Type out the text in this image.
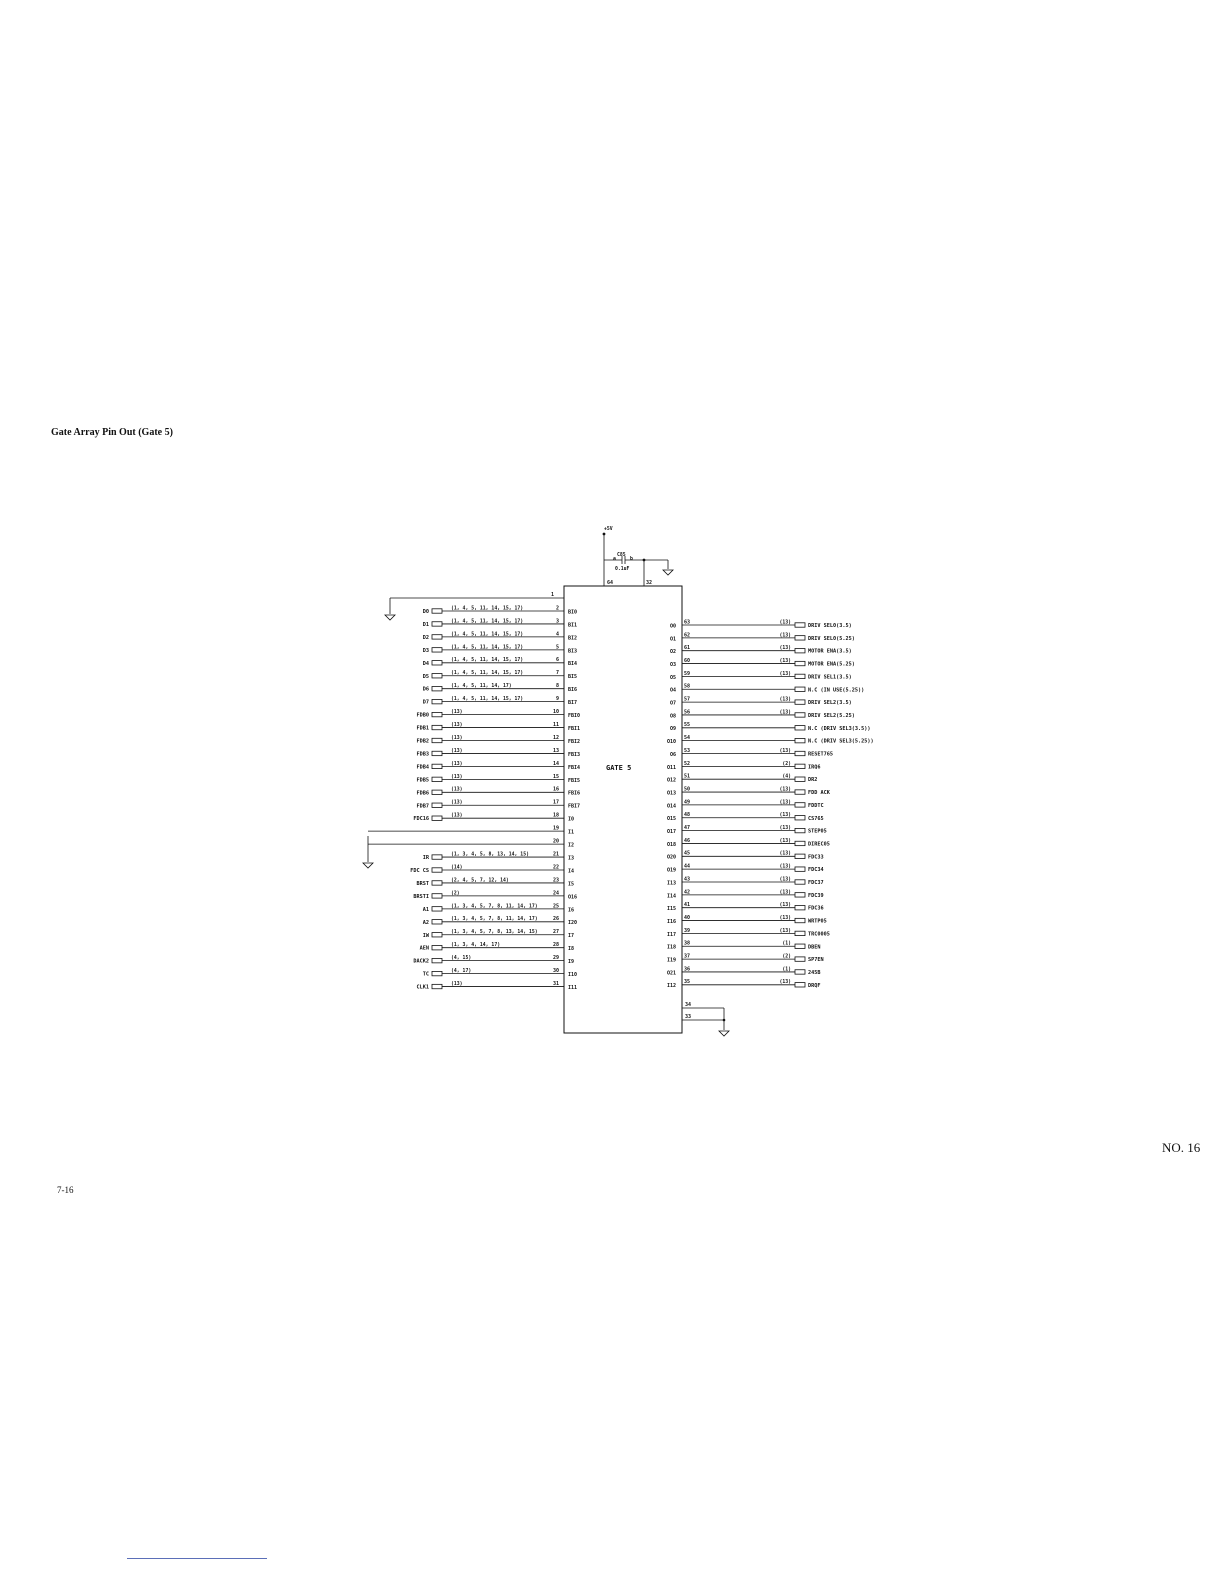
Gate Array Pin Out (Gate 5)
GATE 5
+5V
C85
0.1uF
a	b
64	32
1
34
33
D0
(1, 4, 5, 11, 14, 15, 17)	2
BI0
D1
(1, 4, 5, 11, 14, 15, 17)	3
BI1
D2
(1, 4, 5, 11, 14, 15, 17)	4
BI2
D3
(1, 4, 5, 11, 14, 15, 17)	5
BI3
D4
(1, 4, 5, 11, 14, 15, 17)	6
BI4
D5
(1, 4, 5, 11, 14, 15, 17)	7
BI5
D6
(1, 4, 5, 11, 14, 17)	8
BI6
D7
(1, 4, 5, 11, 14, 15, 17)	9
BI7
FDB0
(13)	10
FBI0
FDB1
(13)	11
FBI1
FDB2
(13)	12
FBI2
FDB3
(13)	13
FBI3
FDB4
(13)	14
FBI4
FDB5
(13)	15
FBI5
FDB6
(13)	16
FBI6
FDB7
(13)	17
FBI7
FDC16
(13)	18
I0
19
I1
20
I2
IR
(1, 3, 4, 5, 8, 13, 14, 15)	21
I3
FDC CS
(14)	22
I4
BRST
(2, 4, 5, 7, 12, 14)	23
I5
BRSTI
(2)	24
O16
A1
(1, 3, 4, 5, 7, 8, 11, 14, 17)	25
I6
A2
(1, 3, 4, 5, 7, 8, 11, 14, 17)	26
I20
IW
(1, 3, 4, 5, 7, 8, 13, 14, 15)	27
I7
AEN
(1, 3, 4, 14, 17)	28
I8
DACK2
(4, 15)	29
I9
TC
(4, 17)	30
I10
CLK1
(13)	31
I11
O0
63	(13)
DRIV SEL0(3.5)
O1
62	(13)
DRIV SEL0(5.25)
O2
61	(13)
MOTOR ENA(3.5)
O3
60	(13)
MOTOR ENA(5.25)
O5
59	(13)
DRIV SEL1(3.5)
O4
58
N.C (IN USE(5.25))
O7
57	(13)
DRIV SEL2(3.5)
O8
56	(13)
DRIV SEL2(5.25)
O9
55
N.C (DRIV SEL3(3.5))
O10
54
N.C (DRIV SEL3(5.25))
O6
53	(13)
RESET765
O11
52	(2)
IRQ6
O12
51	(4)
DR2
O13
50	(13)
FDD ACK
O14
49	(13)
FDDTC
O15
48	(13)
CS765
O17
47	(13)
STEP05
O18
46	(13)
DIREC05
O20
45	(13)
FDC33
O19
44	(13)
FDC34
I13
43	(13)
FDC37
I14
42	(13)
FDC39
I15
41	(13)
FDC36
I16
40	(13)
WRTP05
I17
39	(13)
TRC0005
I18
38	(1)
DBEN
I19
37	(2)
SP7EN
O21
36	(1)
245B
I12
35	(13)
DRQF
7-16
NO. 16
